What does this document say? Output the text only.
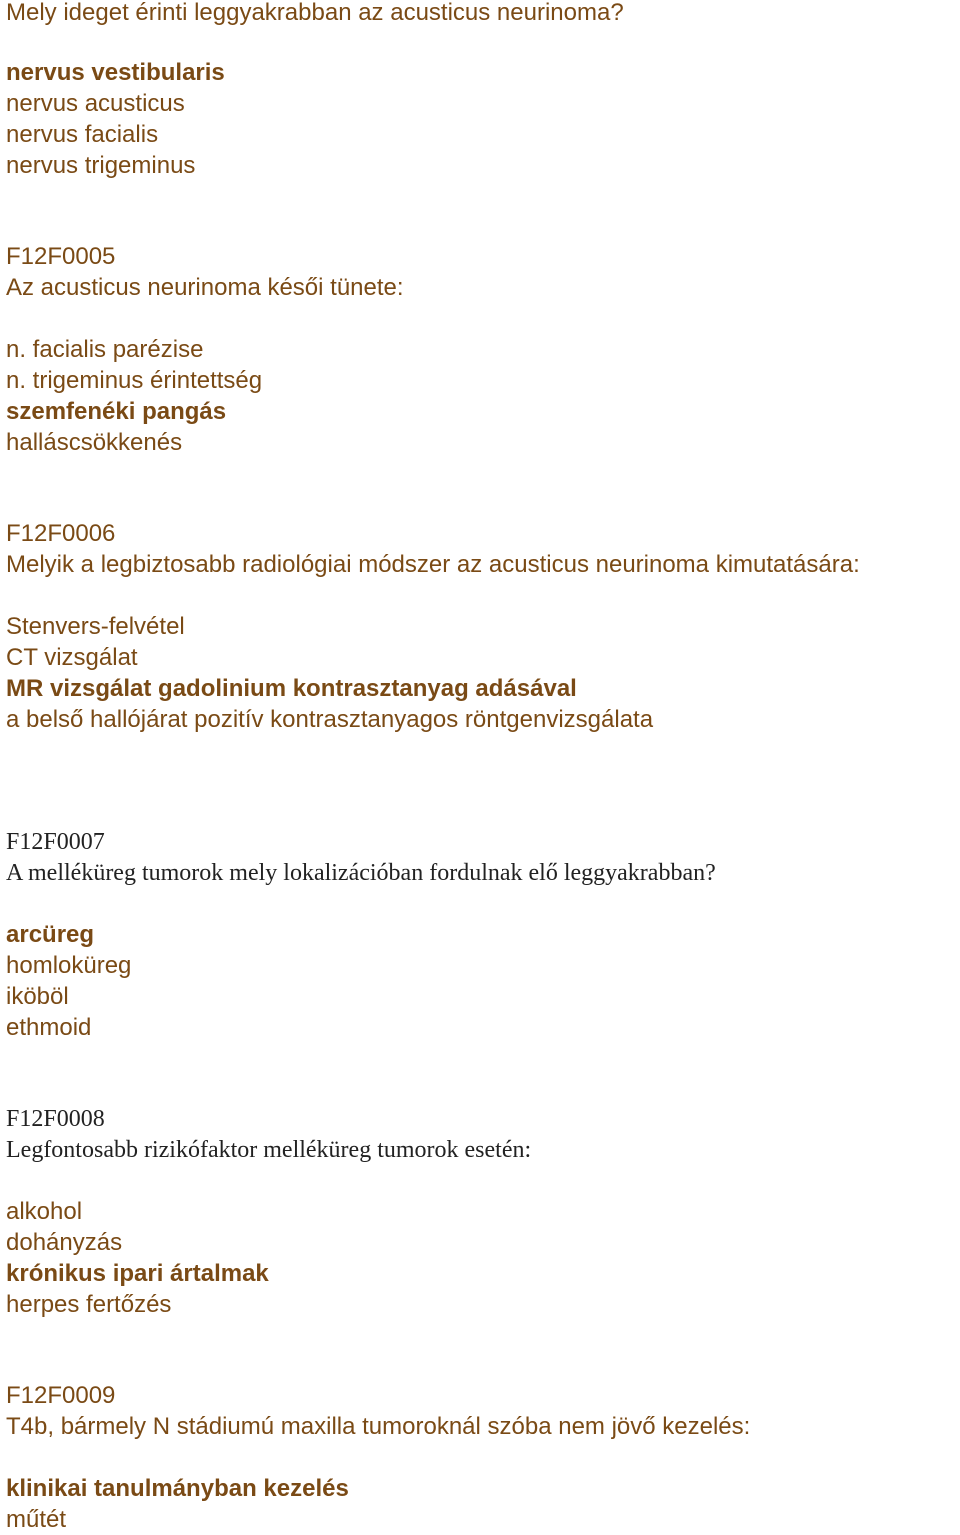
Mely ideget érinti leggyakrabban az acusticus neurinoma?
nervus vestibularis
nervus acusticus
nervus facialis
nervus trigeminus
F12F0005
Az acusticus neurinoma késői tünete:
n. facialis parézise
n. trigeminus érintettség
szemfenéki pangás
halláscsökkenés
F12F0006
Melyik a legbiztosabb radiológiai módszer az acusticus neurinoma kimutatására:
Stenvers-felvétel
CT vizsgálat
MR vizsgálat gadolinium kontrasztanyag adásával
a belső hallójárat pozitív kontrasztanyagos röntgenvizsgálata
F12F0007
A melléküreg tumorok mely lokalizációban fordulnak elő leggyakrabban?
arcüreg
homloküreg
iköböl
ethmoid
F12F0008
Legfontosabb rizikófaktor melléküreg tumorok esetén:
alkohol
dohányzás
krónikus ipari ártalmak
herpes fertőzés
F12F0009
T4b, bármely N stádiumú maxilla tumoroknál szóba nem jövő kezelés:
klinikai tanulmányban kezelés
műtét
